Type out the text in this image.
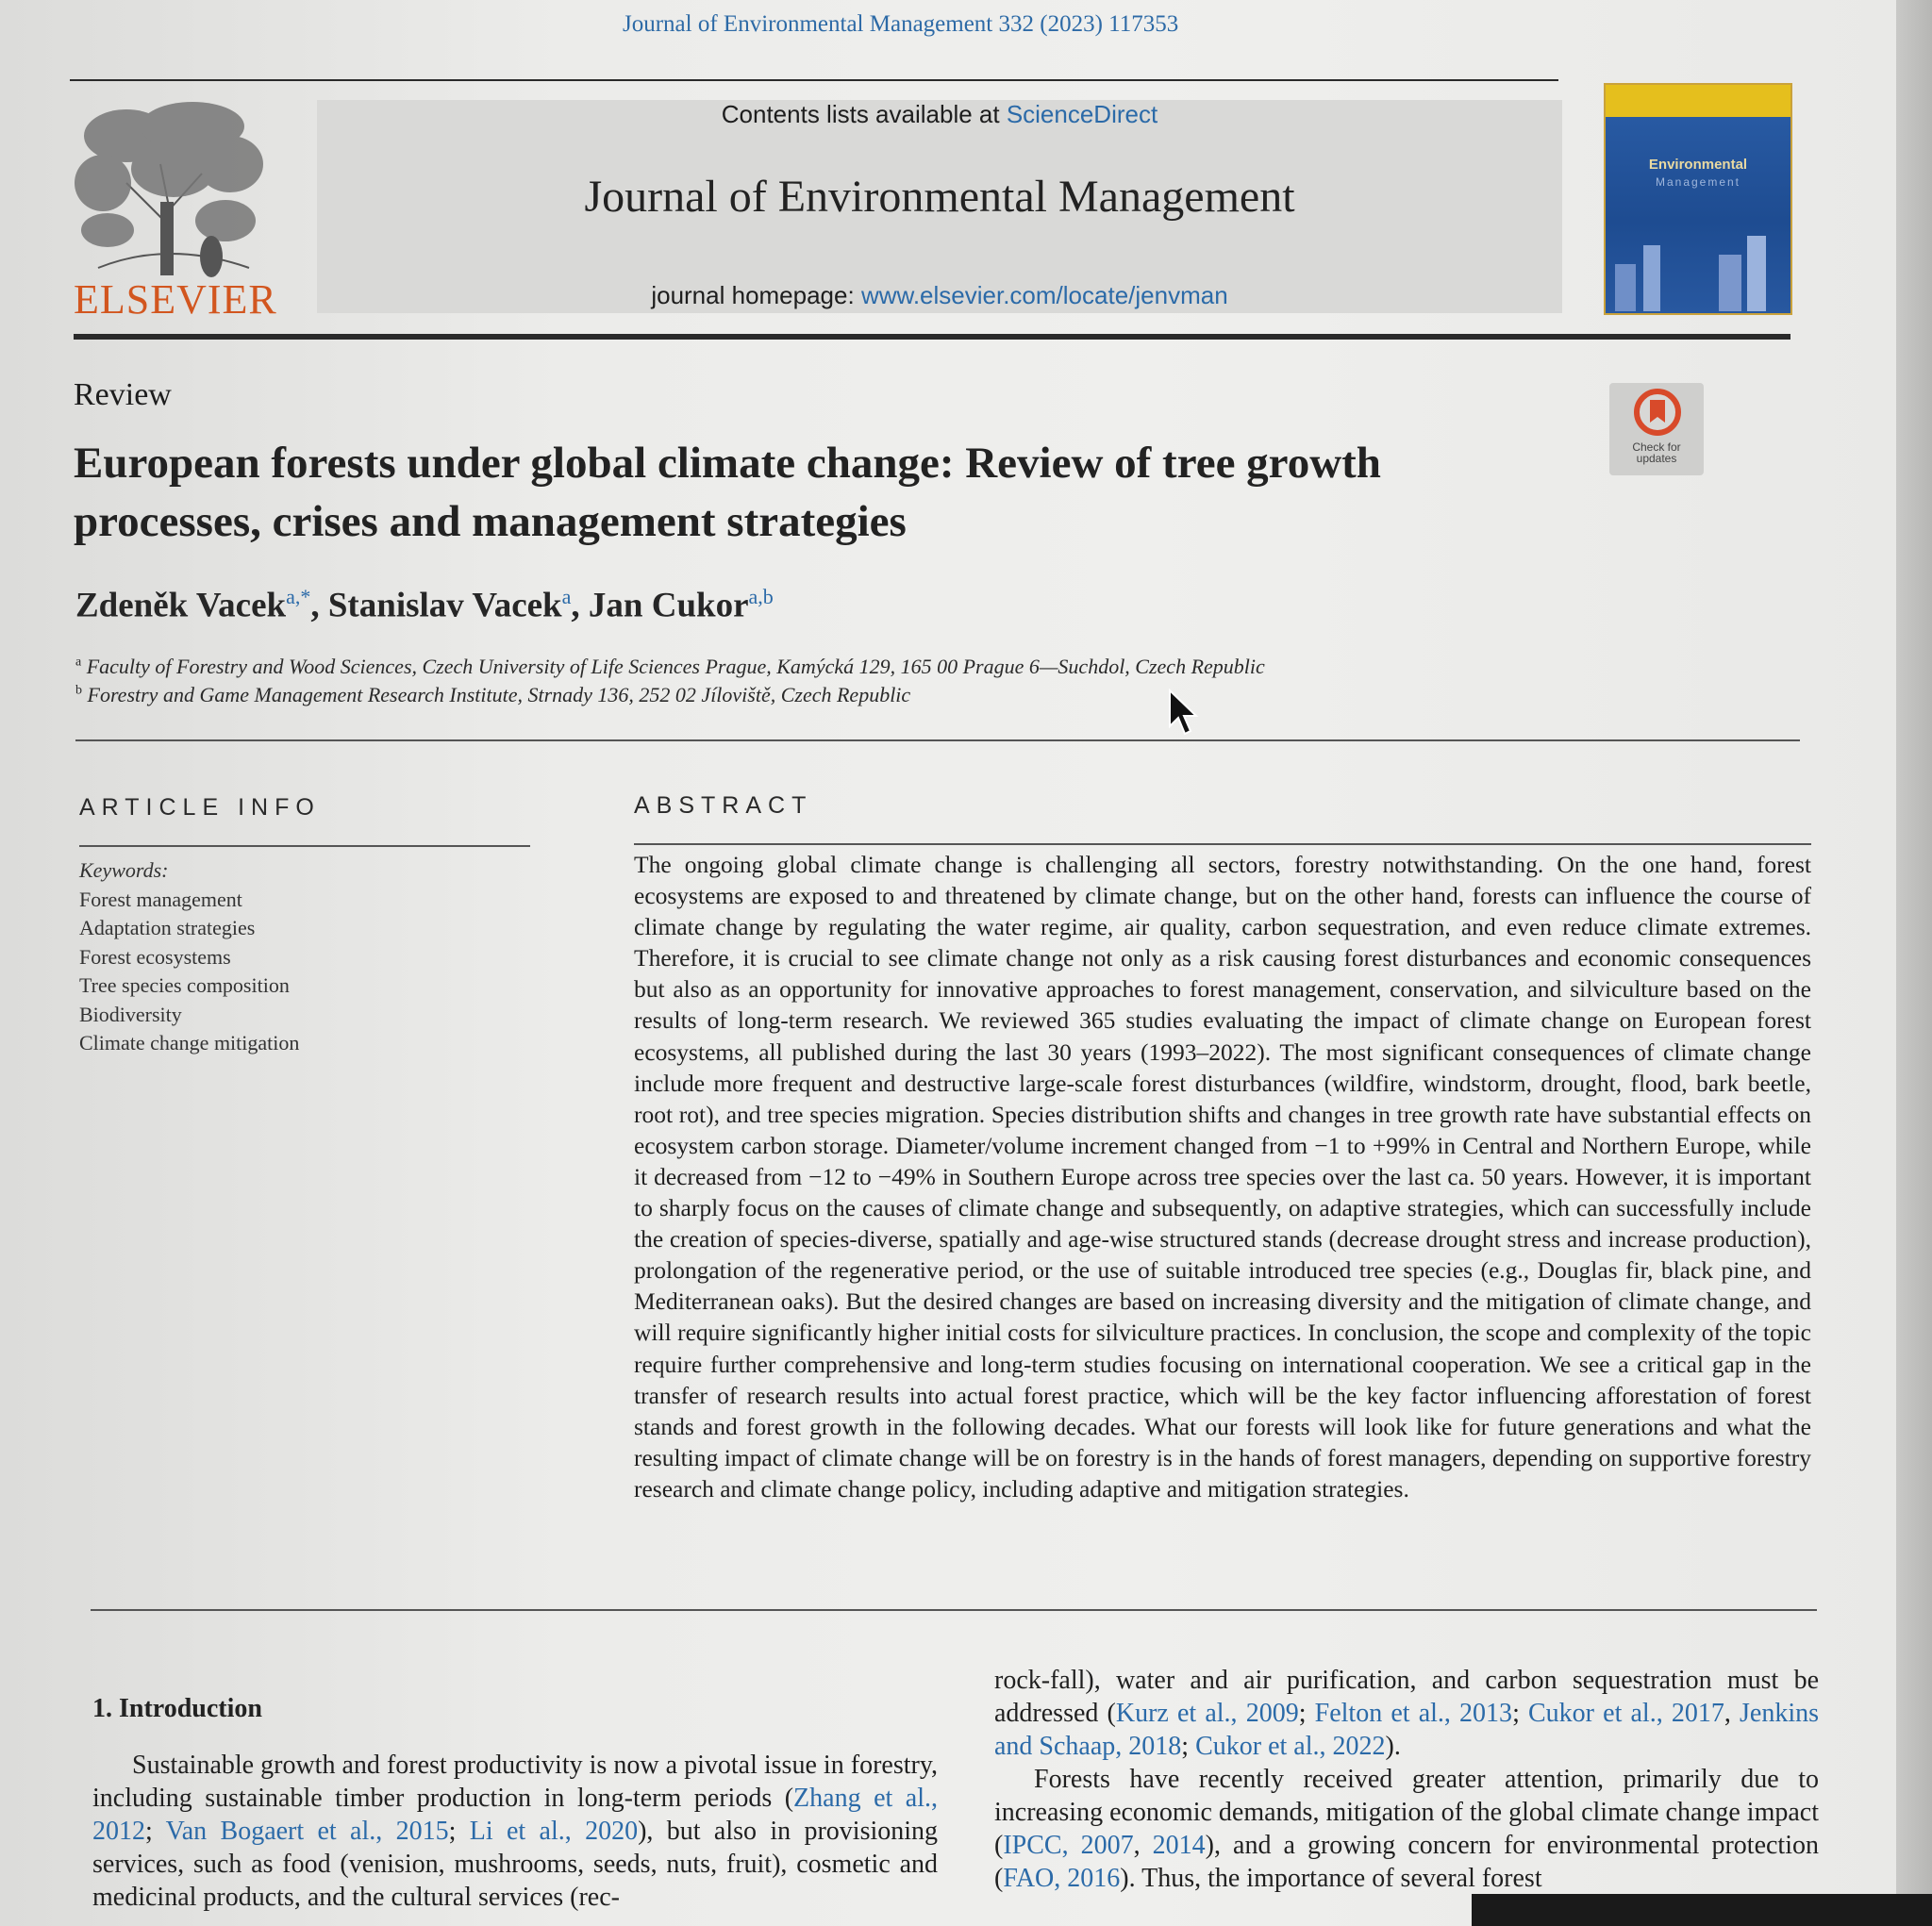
Journal of Environmental Management 332 (2023) 117353
ELSEVIER
Contents lists available at ScienceDirect
Journal of Environmental Management
journal homepage: www.elsevier.com/locate/jenvman
Environmental
Management
Review
European forests under global climate change: Review of tree growth processes, crises and management strategies
Check for
updates
Zdeněk Vacek$^{a,*}$, Stanislav Vacek$^a$, Jan Cukor$^{a,b}$
$^a$ Faculty of Forestry and Wood Sciences, Czech University of Life Sciences Prague, Kamýcká 129, 165 00 Prague 6—Suchdol, Czech Republic
$^b$ Forestry and Game Management Research Institute, Strnady 136, 252 02 Jíloviště, Czech Republic
ARTICLE INFO
Keywords:
Forest management
Adaptation strategies
Forest ecosystems
Tree species composition
Biodiversity
Climate change mitigation
ABSTRACT
The ongoing global climate change is challenging all sectors, forestry notwithstanding. On the one hand, forest ecosystems are exposed to and threatened by climate change, but on the other hand, forests can influence the course of climate change by regulating the water regime, air quality, carbon sequestration, and even reduce climate extremes. Therefore, it is crucial to see climate change not only as a risk causing forest disturbances and economic consequences but also as an opportunity for innovative approaches to forest management, conservation, and silviculture based on the results of long-term research. We reviewed 365 studies evaluating the impact of climate change on European forest ecosystems, all published during the last 30 years (1993–2022). The most significant consequences of climate change include more frequent and destructive large-scale forest disturbances (wildfire, windstorm, drought, flood, bark beetle, root rot), and tree species migration. Species distribution shifts and changes in tree growth rate have substantial effects on ecosystem carbon storage. Diameter/volume increment changed from −1 to +99% in Central and Northern Europe, while it decreased from −12 to −49% in Southern Europe across tree species over the last ca. 50 years. However, it is important to sharply focus on the causes of climate change and subsequently, on adaptive strategies, which can successfully include the creation of species-diverse, spatially and age-wise structured stands (decrease drought stress and increase production), prolongation of the regenerative period, or the use of suitable introduced tree species (e.g., Douglas fir, black pine, and Mediterranean oaks). But the desired changes are based on increasing diversity and the mitigation of climate change, and will require significantly higher initial costs for silviculture practices. In conclusion, the scope and complexity of the topic require further comprehensive and long-term studies focusing on international cooperation. We see a critical gap in the transfer of research results into actual forest practice, which will be the key factor influencing afforestation of forest stands and forest growth in the following decades. What our forests will look like for future generations and what the resulting impact of climate change will be on forestry is in the hands of forest managers, depending on supportive forestry research and climate change policy, including adaptive and mitigation strategies.
1. Introduction

Sustainable growth and forest productivity is now a pivotal issue in forestry, including sustainable timber production in long-term periods (Zhang et al., 2012; Van Bogaert et al., 2015; Li et al., 2020), but also in provisioning services, such as food (venision, mushrooms, seeds, nuts, fruit), cosmetic and medicinal products, and the cultural services (rec-

rock-fall), water and air purification, and carbon sequestration must be addressed (Kurz et al., 2009; Felton et al., 2013; Cukor et al., 2017, Jenkins and Schaap, 2018; Cukor et al., 2022).

Forests have recently received greater attention, primarily due to increasing economic demands, mitigation of the global climate change impact (IPCC, 2007, 2014), and a growing concern for environmental protection (FAO, 2016). Thus, the importance of several forest
